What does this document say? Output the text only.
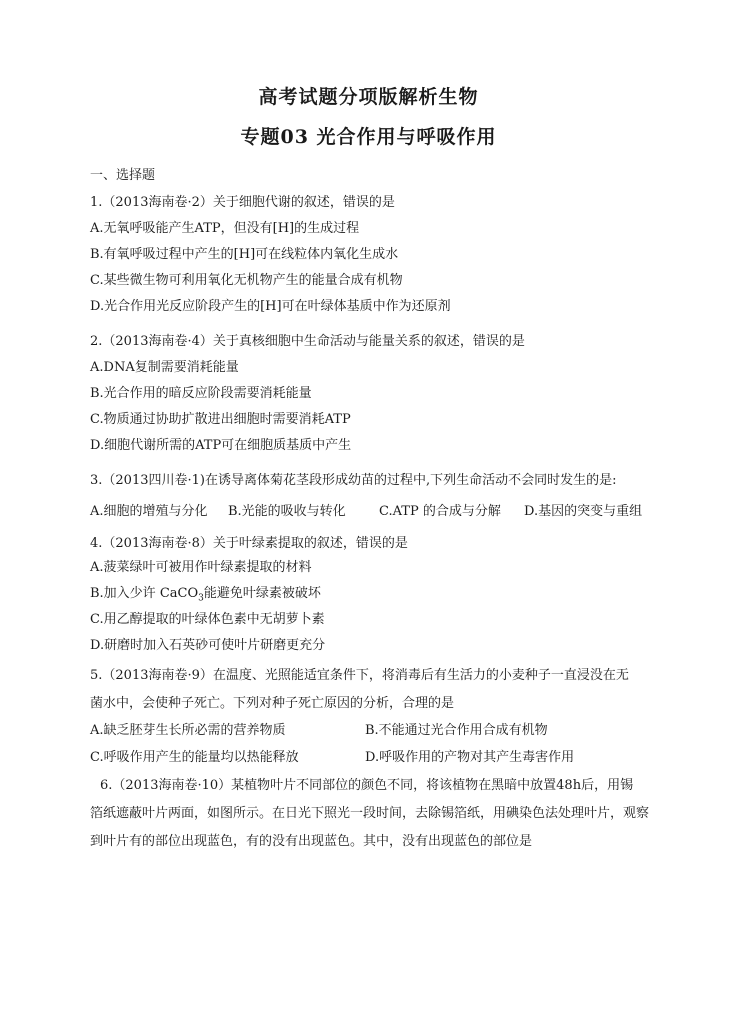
高考试题分项版解析生物
专题03 光合作用与呼吸作用
一、选择题
1.（2013海南卷·2）关于细胞代谢的叙述，错误的是
A.无氧呼吸能产生ATP，但没有[H]的生成过程
B.有氧呼吸过程中产生的[H]可在线粒体内氧化生成水
C.某些微生物可利用氧化无机物产生的能量合成有机物
D.光合作用光反应阶段产生的[H]可在叶绿体基质中作为还原剂
2.（2013海南卷·4）关于真核细胞中生命活动与能量关系的叙述，错误的是
A.DNA复制需要消耗能量
B.光合作用的暗反应阶段需要消耗能量
C.物质通过协助扩散进出细胞时需要消耗ATP
D.细胞代谢所需的ATP可在细胞质基质中产生
3.（2013四川卷·1)在诱导离体菊花茎段形成幼苗的过程中,下列生命活动不会同时发生的是:
A.细胞的增殖与分化 B.光能的吸收与转化	C.ATP 的合成与分解 D.基因的突变与重组
4.（2013海南卷·8）关于叶绿素提取的叙述，错误的是
A.菠菜绿叶可被用作叶绿素提取的材料
B.加入少许 CaCO$_3$能避免叶绿素被破坏
C.用乙醇提取的叶绿体色素中无胡萝卜素
D.研磨时加入石英砂可使叶片研磨更充分
5.（2013海南卷·9）在温度、光照能适宜条件下，将消毒后有生活力的小麦种子一直浸没在无
菌水中，会使种子死亡。下列对种子死亡原因的分析，合理的是
A.缺乏胚芽生长所必需的营养物质	B.不能通过光合作用合成有机物
C.呼吸作用产生的能量均以热能释放	D.呼吸作用的产物对其产生毒害作用
6.（2013海南卷·10）某植物叶片不同部位的颜色不同，将该植物在黑暗中放置48h后，用锡
箔纸遮蔽叶片两面，如图所示。在日光下照光一段时间，去除锡箔纸，用碘染色法处理叶片，观察
到叶片有的部位出现蓝色，有的没有出现蓝色。其中，没有出现蓝色的部位是
